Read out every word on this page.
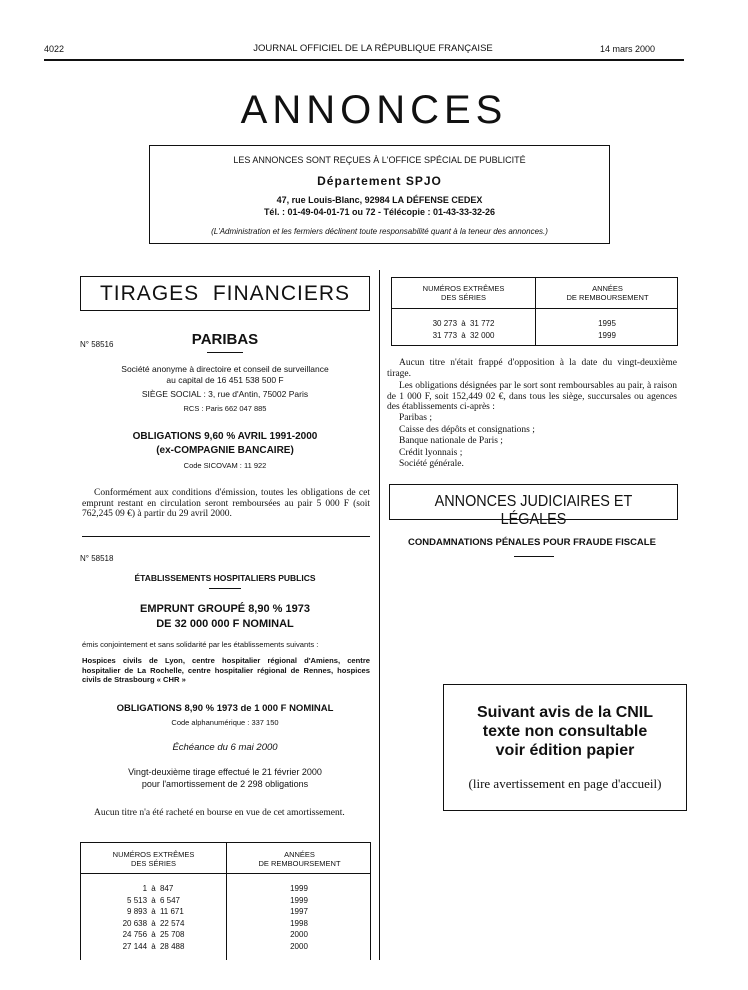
4022	JOURNAL OFFICIEL DE LA RÉPUBLIQUE FRANÇAISE	14 mars 2000
ANNONCES
LES ANNONCES SONT REÇUES À L'OFFICE SPÉCIAL DE PUBLICITÉ
Département SPJO
47, rue Louis-Blanc, 92984 LA DÉFENSE CEDEX
Tél. : 01-49-04-01-71 ou 72 - Télécopie : 01-43-33-32-26
(L'Administration et les fermiers déclinent toute responsabilité quant à la teneur des annonces.)
TIRAGES  FINANCIERS
N° 58516	PARIBAS
Société anonyme à directoire et conseil de surveillance
au capital de 16 451 538 500 F
SIÈGE SOCIAL : 3, rue d'Antin, 75002 Paris
RCS : Paris 662 047 885
OBLIGATIONS 9,60 % AVRIL 1991-2000
(ex-COMPAGNIE BANCAIRE)
Code SICOVAM : 11 922
Conformément aux conditions d'émission, toutes les obligations de cet emprunt restant en circulation seront remboursées au pair 5 000 F (soit 762,245 09 €) à partir du 29 avril 2000.
N° 58518
ÉTABLISSEMENTS HOSPITALIERS PUBLICS
EMPRUNT GROUPÉ 8,90 % 1973
DE 32 000 000 F NOMINAL
émis conjointement et sans solidarité par les établissements suivants :
Hospices civils de Lyon, centre hospitalier régional d'Amiens, centre hospitalier de La Rochelle, centre hospitalier régional de Rennes, hospices civils de Strasbourg « CHR »
OBLIGATIONS 8,90 % 1973 de 1 000 F NOMINAL
Code alphanumérique : 337 150
Échéance du 6 mai 2000
Vingt-deuxième tirage effectué le 21 février 2000
pour l'amortissement de 2 298 obligations
Aucun titre n'a été racheté en bourse en vue de cet amortissement.
NUMÉROS EXTRÊMES
DES SÉRIES
ANNÉES
DE REMBOURSEMENT
1 à 847	1999
5 513 à 6 547	1999
9 893 à 11 671	1997
20 638 à 22 574	1998
24 756 à 25 708	2000
27 144 à 28 488	2000
NUMÉROS EXTRÊMES
DES SÉRIES
ANNÉES
DE REMBOURSEMENT
30 273 à 31 772	1995
31 773 à 32 000	1999
Aucun titre n'était frappé d'opposition à la date du vingt-deuxième tirage.
Les obligations désignées par le sort sont remboursables au pair, à raison de 1 000 F, soit 152,449 02 €, dans tous les siège, succursales ou agences des établissements ci-après :
Paribas ;
Caisse des dépôts et consignations ;
Banque nationale de Paris ;
Crédit lyonnais ;
Société générale.
ANNONCES JUDICIAIRES ET LÉGALES
CONDAMNATIONS PÉNALES POUR FRAUDE FISCALE
Suivant avis de la CNIL
texte non consultable
voir édition papier
(lire avertissement en page d'accueil)
